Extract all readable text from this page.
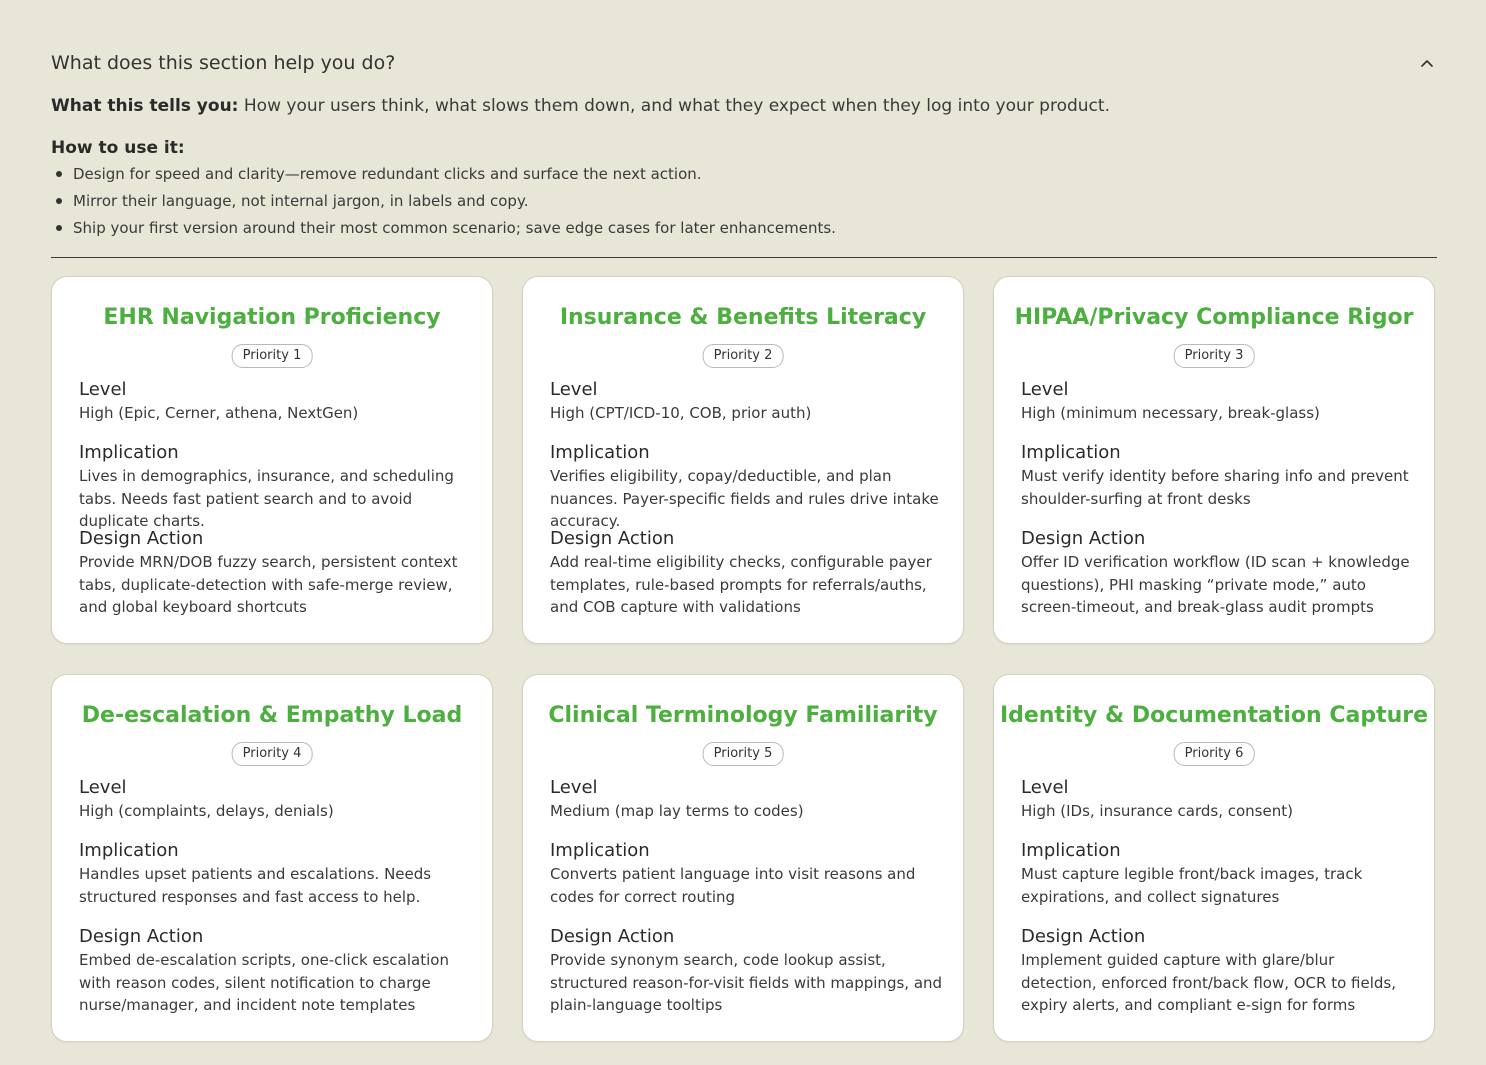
What does this section help you do?
What this tells you: How your users think, what slows them down, and what they expect when they log into your product.
How to use it:
Design for speed and clarity—remove redundant clicks and surface the next action.
Mirror their language, not internal jargon, in labels and copy.
Ship your first version around their most common scenario; save edge cases for later enhancements.
EHR Navigation Proficiency
Priority 1
Level
High (Epic, Cerner, athena, NextGen)
Implication
Lives in demographics, insurance, and scheduling tabs. Needs fast patient search and to avoid duplicate charts.
Design Action
Provide MRN/DOB fuzzy search, persistent context tabs, duplicate-detection with safe-merge review, and global keyboard shortcuts
Insurance & Benefits Literacy
Priority 2
Level
High (CPT/ICD-10, COB, prior auth)
Implication
Verifies eligibility, copay/deductible, and plan nuances. Payer-specific fields and rules drive intake accuracy.
Design Action
Add real-time eligibility checks, configurable payer templates, rule-based prompts for referrals/auths, and COB capture with validations
HIPAA/Privacy Compliance Rigor
Priority 3
Level
High (minimum necessary, break-glass)
Implication
Must verify identity before sharing info and prevent shoulder-surfing at front desks
Design Action
Offer ID verification workflow (ID scan + knowledge questions), PHI masking “private mode,” auto screen-timeout, and break-glass audit prompts
De-escalation & Empathy Load
Priority 4
Level
High (complaints, delays, denials)
Implication
Handles upset patients and escalations. Needs structured responses and fast access to help.
Design Action
Embed de-escalation scripts, one-click escalation with reason codes, silent notification to charge nurse/manager, and incident note templates
Clinical Terminology Familiarity
Priority 5
Level
Medium (map lay terms to codes)
Implication
Converts patient language into visit reasons and codes for correct routing
Design Action
Provide synonym search, code lookup assist, structured reason-for-visit fields with mappings, and plain-language tooltips
Identity & Documentation Capture
Priority 6
Level
High (IDs, insurance cards, consent)
Implication
Must capture legible front/back images, track expirations, and collect signatures
Design Action
Implement guided capture with glare/blur detection, enforced front/back flow, OCR to fields, expiry alerts, and compliant e-sign for forms
